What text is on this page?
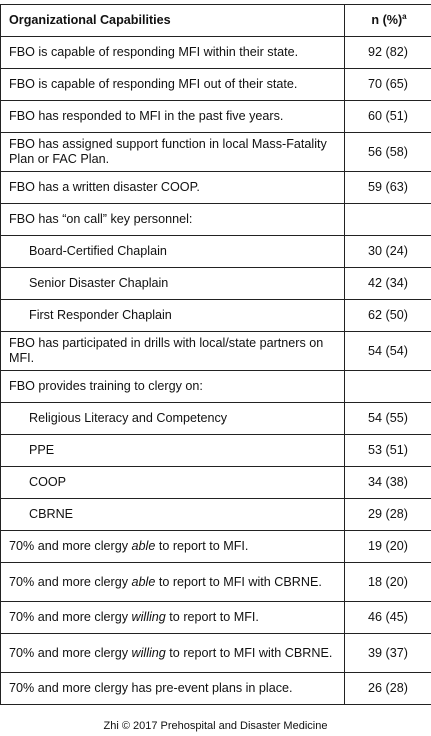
Organizational Capabilities	n (%)$^a$
FBO is capable of responding MFI within their state.	92 (82)
FBO is capable of responding MFI out of their state.	70 (65)
FBO has responded to MFI in the past five years.	60 (51)
FBO has assigned support function in local Mass-Fatality Plan or FAC Plan.	56 (58)
FBO has a written disaster COOP.	59 (63)
FBO has “on call” key personnel:	
Board-Certified Chaplain	30 (24)
Senior Disaster Chaplain	42 (34)
First Responder Chaplain	62 (50)
FBO has participated in drills with local/state partners on MFI.	54 (54)
FBO provides training to clergy on:	
Religious Literacy and Competency	54 (55)
PPE	53 (51)
COOP	34 (38)
CBRNE	29 (28)
70% and more clergy able to report to MFI.	19 (20)
70% and more clergy able to report to MFI with CBRNE.	18 (20)
70% and more clergy willing to report to MFI.	46 (45)
70% and more clergy willing to report to MFI with CBRNE.	39 (37)
70% and more clergy has pre-event plans in place.	26 (28)
Zhi © 2017 Prehospital and Disaster Medicine
